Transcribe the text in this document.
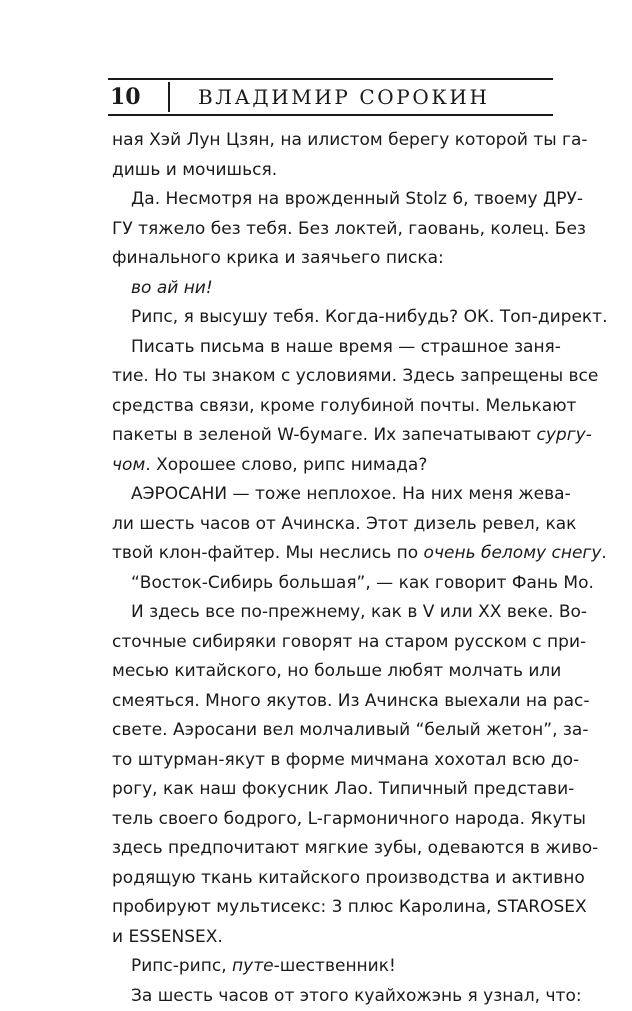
10	ВЛАДИМИР СОРОКИН
ная Хэй Лун Цзян, на илистом берегу которой ты га-
дишь и мочишься.
Да. Несмотря на врожденный Stolz 6, твоему ДРУ-
ГУ тяжело без тебя. Без локтей, гаовань, колец. Без
финального крика и заячьего писка:
во ай ни!
Рипс, я высушу тебя. Когда-нибудь? ОК. Топ-директ.
Писать письма в наше время — страшное заня-
тие. Но ты знаком с условиями. Здесь запрещены все
средства связи, кроме голубиной почты. Мелькают
пакеты в зеленой W-бумаге. Их запечатывают сургу-
чом. Хорошее слово, рипс нимада?
АЭРОСАНИ — тоже неплохое. На них меня жева-
ли шесть часов от Ачинска. Этот дизель ревел, как
твой клон-файтер. Мы неслись по очень белому снегу.
“Восток-Сибирь большая”, — как говорит Фань Мо.
И здесь все по-прежнему, как в V или XX веке. Во-
сточные сибиряки говорят на старом русском с при-
месью китайского, но больше любят молчать или
смеяться. Много якутов. Из Ачинска выехали на рас-
свете. Аэросани вел молчаливый “белый жетон”, за-
то штурман-якут в форме мичмана хохотал всю до-
рогу, как наш фокусник Лао. Типичный представи-
тель своего бодрого, L-гармоничного народа. Якуты
здесь предпочитают мягкие зубы, одеваются в живо-
родящую ткань китайского производства и активно
пробируют мультисекс: 3 плюс Каролина, STAROSEX
и ESSENSEX.
Рипс-рипс, путе-шественник!
За шесть часов от этого куайхожэнь я узнал, что:
